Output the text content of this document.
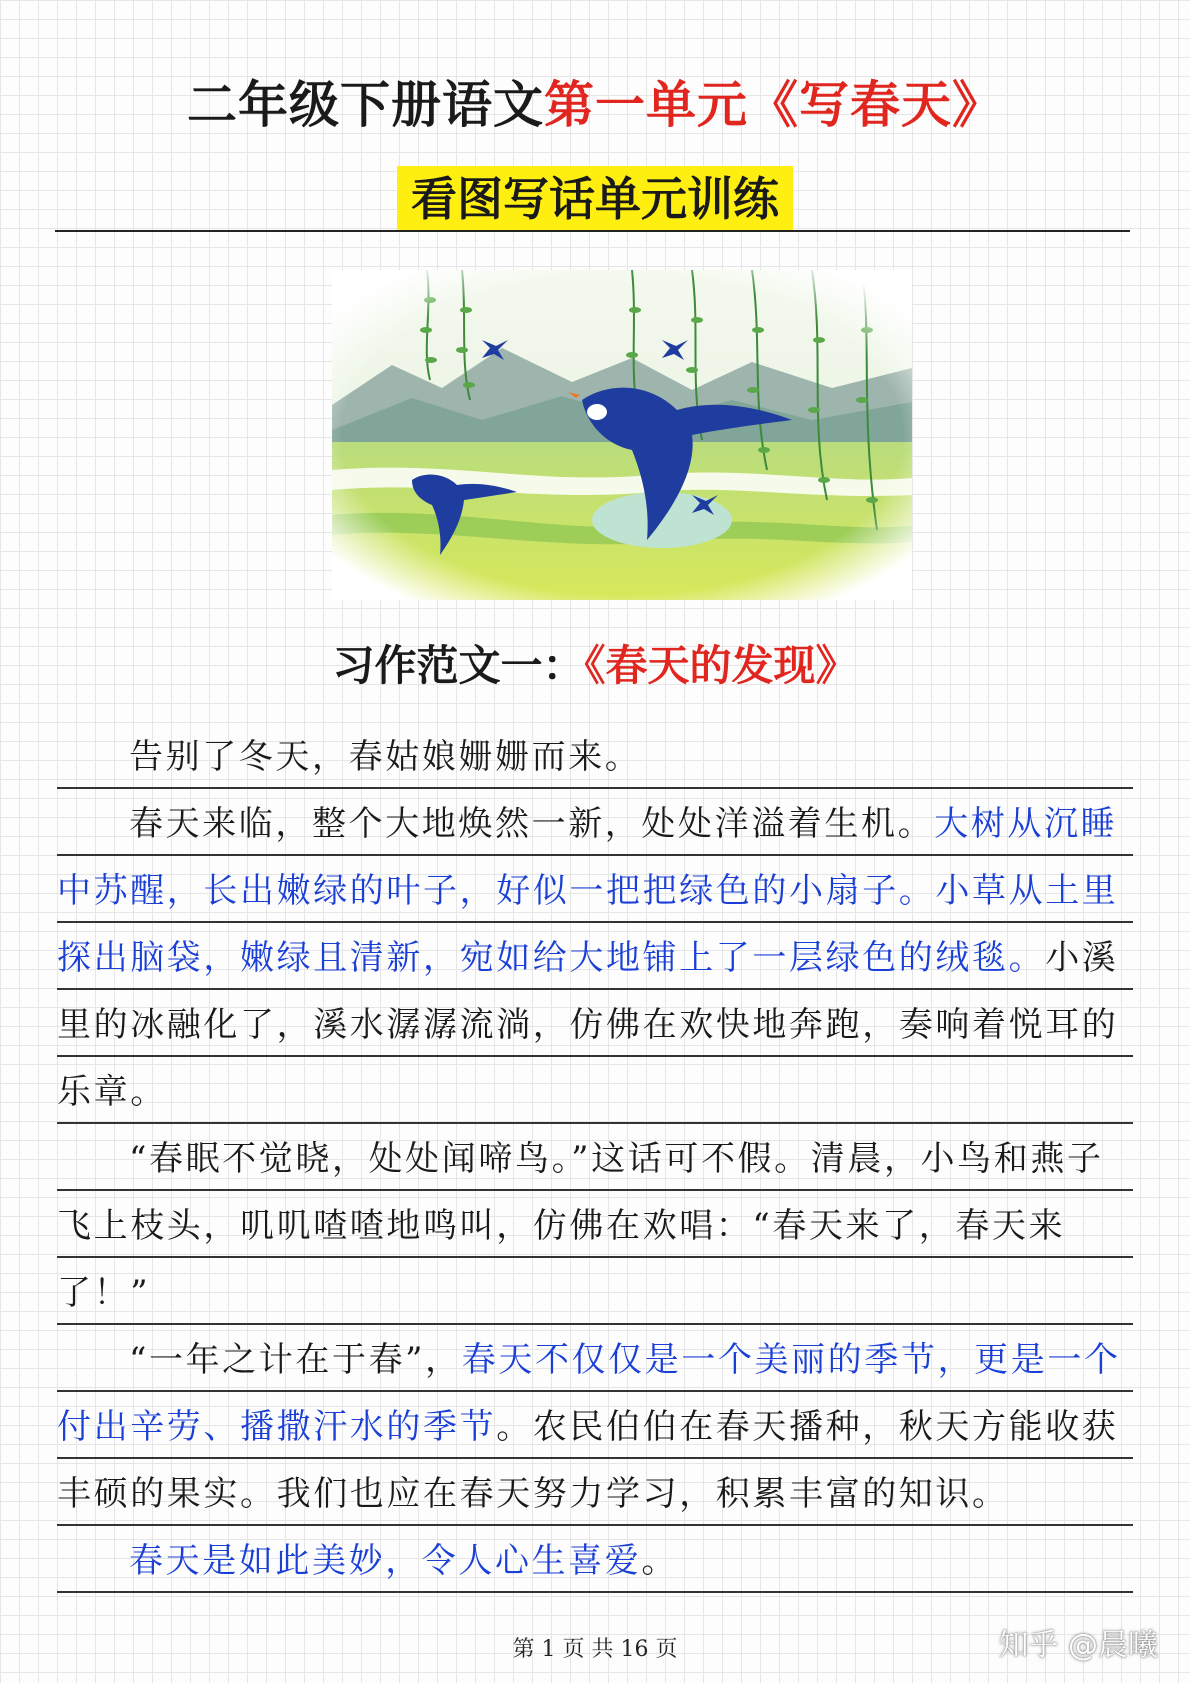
二年级下册语文第一单元《写春天》
看图写话单元训练
习作范文一：《春天的发现》

告别了冬天，春姑娘姗姗而来。

春天来临，整个大地焕然一新，处处洋溢着生机。大树从沉睡中苏醒，长出嫩绿的叶子，好似一把把绿色的小扇子。小草从土里探出脑袋，嫩绿且清新，宛如给大地铺上了一层绿色的绒毯。小溪里的冰融化了，溪水潺潺流淌，仿佛在欢快地奔跑，奏响着悦耳的乐章。

“春眠不觉晓，处处闻啼鸟。”这话可不假。清晨，小鸟和燕子飞上枝头，叽叽喳喳地鸣叫，仿佛在欢唱：“春天来了，春天来了！”

“一年之计在于春”，春天不仅仅是一个美丽的季节，更是一个付出辛劳、播撒汗水的季节。农民伯伯在春天播种，秋天方能收获丰硕的果实。我们也应在春天努力学习，积累丰富的知识。

春天是如此美妙，令人心生喜爱。

第 1 页 共 16 页	知乎 @晨曦
